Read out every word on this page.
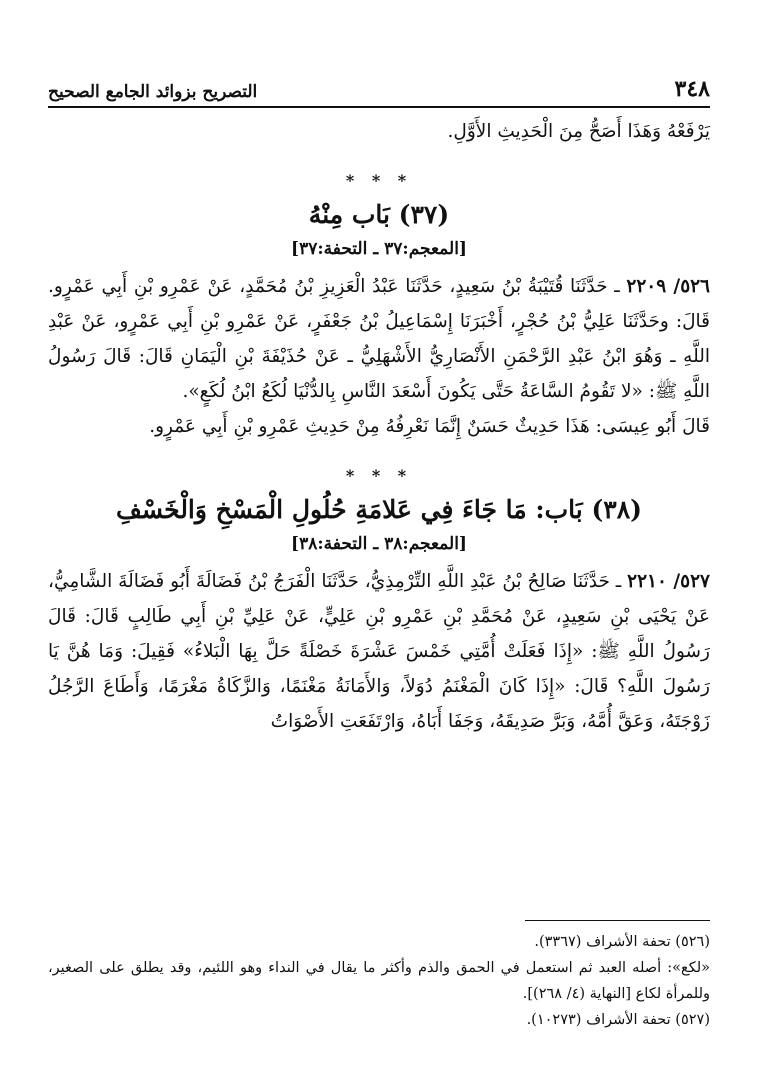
٣٤٨
التصريح بزوائد الجامع الصحيح

يَرْفَعْهُ وَهَذَا أَصَحُّ مِنَ الْحَدِيثِ الأَوَّلِ.

* * *
(٣٧) بَاب مِنْهُ
[المعجم:٣٧ ـ التحفة:٣٧]

٥٢٦/ ٢٢٠٩ ـ حَدَّثَنَا قُتَيْبَةُ بْنُ سَعِيدٍ، حَدَّثَنَا عَبْدُ الْعَزِيزِ بْنُ مُحَمَّدٍ، عَنْ عَمْرِو بْنِ أَبِي عَمْرٍو. قَالَ: وحَدَّثَنَا عَلِيُّ بْنُ حُجْرٍ، أَخْبَرَنَا إِسْمَاعِيلُ بْنُ جَعْفَرٍ، عَنْ عَمْرِو بْنِ أَبِي عَمْرٍو، عَنْ عَبْدِ اللَّهِ ـ وَهُوَ ابْنُ عَبْدِ الرَّحْمَنِ الأَنْصَارِيُّ الأَشْهَلِيُّ ـ عَنْ حُذَيْفَةَ بْنِ الْيَمَانِ قَالَ: قَالَ رَسُولُ اللَّهِ ﷺ: «لا تَقُومُ السَّاعَةُ حَتَّى يَكُونَ أَسْعَدَ النَّاسِ بِالدُّنْيَا لُكَعُ ابْنُ لُكَعٍ».

قَالَ أَبُو عِيسَى: هَذَا حَدِيثٌ حَسَنٌ إِنَّمَا نَعْرِفُهُ مِنْ حَدِيثِ عَمْرِو بْنِ أَبِي عَمْرٍو.

* * *
(٣٨) بَاب: مَا جَاءَ فِي عَلامَةِ حُلُولِ الْمَسْخِ وَالْخَسْفِ
[المعجم:٣٨ ـ التحفة:٣٨]

٥٢٧/ ٢٢١٠ ـ حَدَّثَنَا صَالِحُ بْنُ عَبْدِ اللَّهِ التِّرْمِذِيُّ، حَدَّثَنَا الْفَرَجُ بْنُ فَضَالَةَ أَبُو فَضَالَةَ الشَّامِيُّ، عَنْ يَحْيَى بْنِ سَعِيدٍ، عَنْ مُحَمَّدِ بْنِ عَمْرِو بْنِ عَلِيٍّ، عَنْ عَلِيِّ بْنِ أَبِي طَالِبٍ قَالَ: قَالَ رَسُولُ اللَّهِ ﷺ: «إِذَا فَعَلَتْ أُمَّتِي خَمْسَ عَشْرَةَ خَصْلَةً حَلَّ بِهَا الْبَلاءُ» فَقِيلَ: وَمَا هُنَّ يَا رَسُولَ اللَّهِ؟ قَالَ: «إِذَا كَانَ الْمَغْنَمُ دُوَلاً، وَالأَمَانَةُ مَغْنَمًا، وَالزَّكَاةُ مَغْرَمًا، وَأَطَاعَ الرَّجُلُ زَوْجَتَهُ، وَعَقَّ أُمَّهُ، وَبَرَّ صَدِيقَهُ، وَجَفَا أَبَاهُ، وَارْتَفَعَتِ الأَصْوَاتُ

(٥٢٦) تحفة الأشراف (٣٣٦٧).

«لكع»: أصله العبد ثم استعمل في الحمق والذم وأكثر ما يقال في النداء وهو اللئيم، وقد يطلق على الصغير، وللمرأة لكاع [النهاية (٤/ ٢٦٨)].

(٥٢٧) تحفة الأشراف (١٠٢٧٣).
